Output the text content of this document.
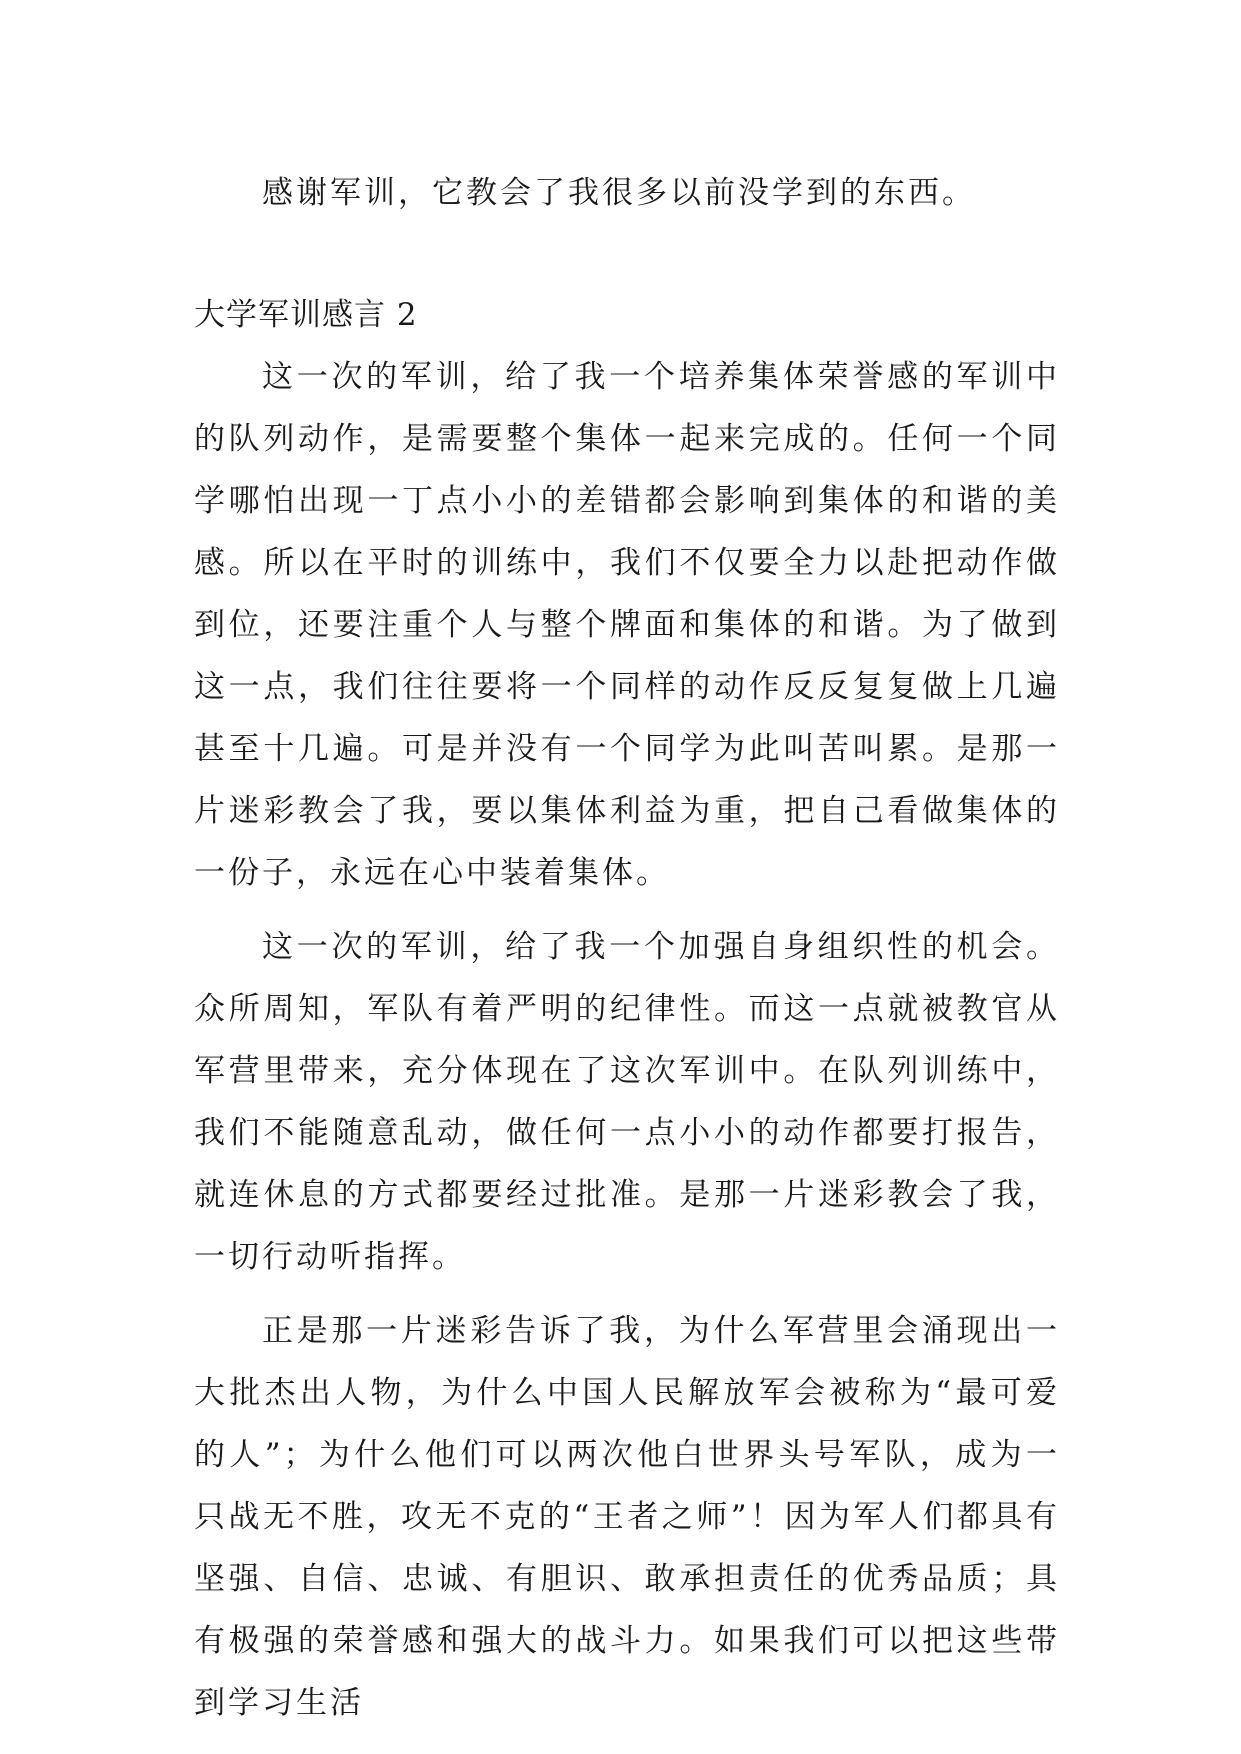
感谢军训，它教会了我很多以前没学到的东西。

大学军训感言 2

这一次的军训，给了我一个培养集体荣誉感的军训中的队列动作，是需要整个集体一起来完成的。任何一个同学哪怕出现一丁点小小的差错都会影响到集体的和谐的美感。所以在平时的训练中，我们不仅要全力以赴把动作做到位，还要注重个人与整个牌面和集体的和谐。为了做到这一点，我们往往要将一个同样的动作反反复复做上几遍甚至十几遍。可是并没有一个同学为此叫苦叫累。是那一片迷彩教会了我，要以集体利益为重，把自己看做集体的一份子，永远在心中装着集体。

这一次的军训，给了我一个加强自身组织性的机会。众所周知，军队有着严明的纪律性。而这一点就被教官从军营里带来，充分体现在了这次军训中。在队列训练中，我们不能随意乱动，做任何一点小小的动作都要打报告，就连休息的方式都要经过批准。是那一片迷彩教会了我，一切行动听指挥。

正是那一片迷彩告诉了我，为什么军营里会涌现出一大批杰出人物，为什么中国人民解放军会被称为“最可爱的人”；为什么他们可以两次他白世界头号军队，成为一只战无不胜，攻无不克的“王者之师”！因为军人们都具有坚强、自信、忠诚、有胆识、敢承担责任的优秀品质；具有极强的荣誉感和强大的战斗力。如果我们可以把这些带到学习生活
